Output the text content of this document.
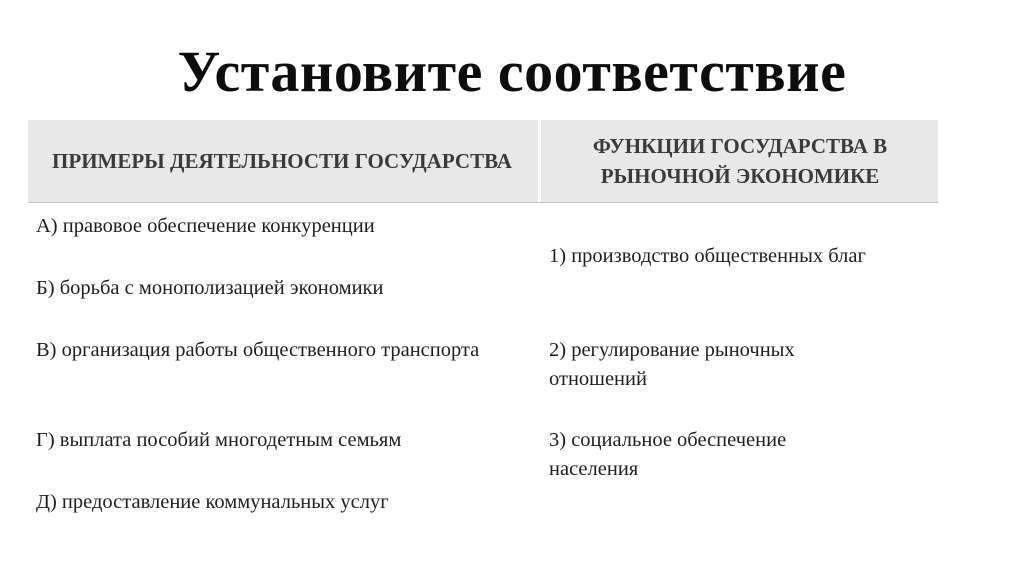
Установите соответствие
ПРИМЕРЫ ДЕЯТЕЛЬНОСТИ ГОСУДАРСТВА
ФУНКЦИИ ГОСУДАРСТВА В РЫНОЧНОЙ ЭКОНОМИКЕ
А) правовое обеспечение конкуренции
Б) борьба с монополизацией экономики
В) организация работы общественного транспорта
Г) выплата пособий многодетным семьям
Д) предоставление коммунальных услуг
1) производство общественных благ
2) регулирование рыночных отношений
3) социальное обеспечение населения
